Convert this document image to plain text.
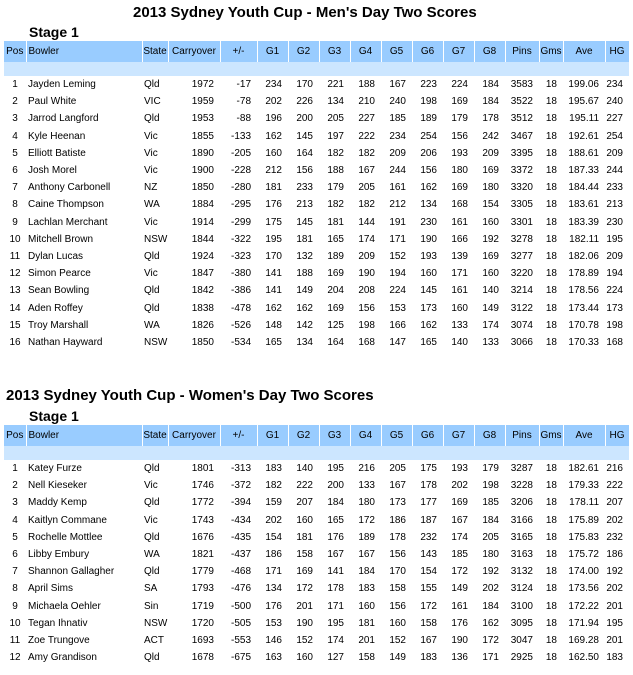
2013 Sydney Youth Cup - Men's Day Two Scores
Stage 1
Pos	Bowler	State	Carryover	+/-	G1	G2	G3	G4	G5	G6	G7	G8	Pins	Gms	Ave	HG

1	Jayden Leming	Qld	1972	-17	234	170	221	188	167	223	224	184	3583	18	199.06	234
2	Paul White	VIC	1959	-78	202	226	134	210	240	198	169	184	3522	18	195.67	240
3	Jarrod Langford	Qld	1953	-88	196	200	205	227	185	189	179	178	3512	18	195.11	227
4	Kyle Heenan	Vic	1855	-133	162	145	197	222	234	254	156	242	3467	18	192.61	254
5	Elliott Batiste	Vic	1890	-205	160	164	182	182	209	206	193	209	3395	18	188.61	209
6	Josh Morel	Vic	1900	-228	212	156	188	167	244	156	180	169	3372	18	187.33	244
7	Anthony Carbonell	NZ	1850	-280	181	233	179	205	161	162	169	180	3320	18	184.44	233
8	Caine Thompson	WA	1884	-295	176	213	182	182	212	134	168	154	3305	18	183.61	213
9	Lachlan Merchant	Vic	1914	-299	175	145	181	144	191	230	161	160	3301	18	183.39	230
10	Mitchell Brown	NSW	1844	-322	195	181	165	174	171	190	166	192	3278	18	182.11	195
11	Dylan Lucas	Qld	1924	-323	170	132	189	209	152	193	139	169	3277	18	182.06	209
12	Simon Pearce	Vic	1847	-380	141	188	169	190	194	160	171	160	3220	18	178.89	194
13	Sean Bowling	Qld	1842	-386	141	149	204	208	224	145	161	140	3214	18	178.56	224
14	Aden Roffey	Qld	1838	-478	162	162	169	156	153	173	160	149	3122	18	173.44	173
15	Troy Marshall	WA	1826	-526	148	142	125	198	166	162	133	174	3074	18	170.78	198
16	Nathan Hayward	NSW	1850	-534	165	134	164	168	147	165	140	133	3066	18	170.33	168
2013 Sydney Youth Cup - Women's Day Two Scores
Stage 1
Pos	Bowler	State	Carryover	+/-	G1	G2	G3	G4	G5	G6	G7	G8	Pins	Gms	Ave	HG

1	Katey Furze	Qld	1801	-313	183	140	195	216	205	175	193	179	3287	18	182.61	216
2	Nell Kieseker	Vic	1746	-372	182	222	200	133	167	178	202	198	3228	18	179.33	222
3	Maddy Kemp	Qld	1772	-394	159	207	184	180	173	177	169	185	3206	18	178.11	207
4	Kaitlyn Commane	Vic	1743	-434	202	160	165	172	186	187	167	184	3166	18	175.89	202
5	Rochelle Mottlee	Qld	1676	-435	154	181	176	189	178	232	174	205	3165	18	175.83	232
6	Libby Embury	WA	1821	-437	186	158	167	167	156	143	185	180	3163	18	175.72	186
7	Shannon Gallagher	Qld	1779	-468	171	169	141	184	170	154	172	192	3132	18	174.00	192
8	April Sims	SA	1793	-476	134	172	178	183	158	155	149	202	3124	18	173.56	202
9	Michaela Oehler	Sin	1719	-500	176	201	171	160	156	172	161	184	3100	18	172.22	201
10	Tegan Ihnativ	NSW	1720	-505	153	190	195	181	160	158	176	162	3095	18	171.94	195
11	Zoe Trungove	ACT	1693	-553	146	152	174	201	152	167	190	172	3047	18	169.28	201
12	Amy Grandison	Qld	1678	-675	163	160	127	158	149	183	136	171	2925	18	162.50	183
